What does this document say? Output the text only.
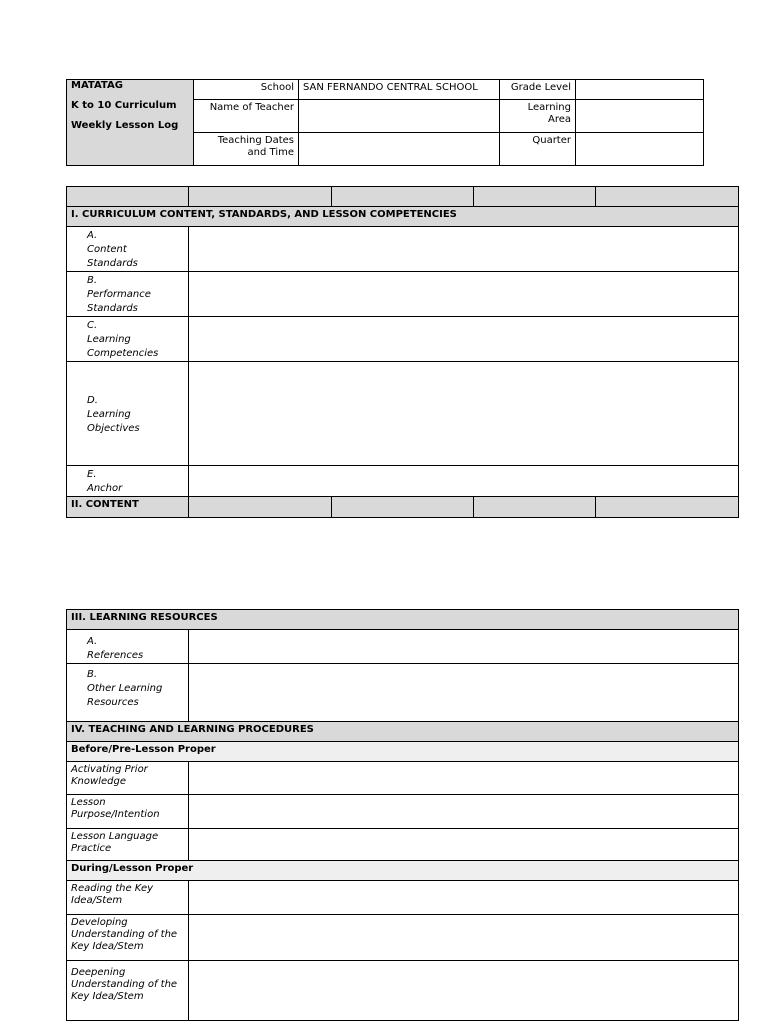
MATATAG
K to 10 Curriculum
Weekly Lesson Log	School	SAN FERNANDO CENTRAL SCHOOL	Grade Level	
	Name of Teacher		Learning Area	
	Teaching Dates and Time		Quarter	

I. CURRICULUM CONTENT, STANDARDS, AND LESSON COMPETENCIES				
A.Content Standards				
B.Performance Standards				
C.Learning Competencies				
D.Learning Objectives				
E.Anchor				
II. CONTENT				
III. LEARNING RESOURCES	
A.References	
B.Other Learning Resources	
IV. TEACHING AND LEARNING PROCEDURES	
Before/Pre-Lesson Proper	
Activating Prior Knowledge	
Lesson Purpose/Intention	
Lesson Language Practice	
During/Lesson Proper	
Reading the Key Idea/Stem	
Developing Understanding of the Key Idea/Stem	
Deepening Understanding of the Key Idea/Stem	
